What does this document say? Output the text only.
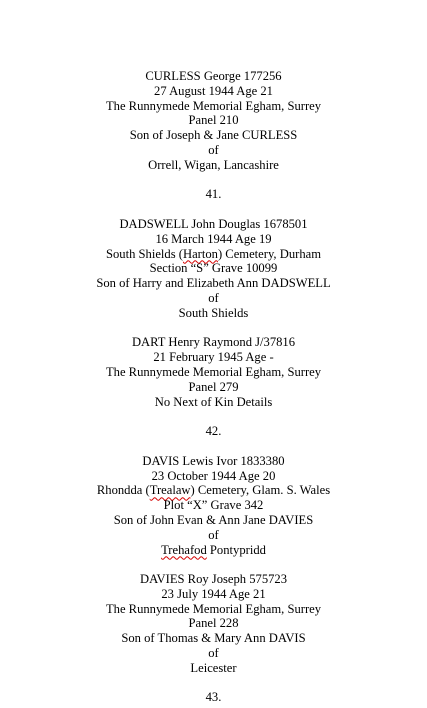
CURLESS George 177256
27 August 1944 Age 21
The Runnymede Memorial Egham, Surrey
Panel 210
Son of Joseph & Jane CURLESS
of
Orrell, Wigan, Lancashire
41.
DADSWELL John Douglas 1678501
16 March 1944 Age 19
South Shields (Harton) Cemetery, Durham
Section “S” Grave 10099
Son of Harry and Elizabeth Ann DADSWELL
of
South Shields
DART Henry Raymond J/37816
21 February 1945 Age -
The Runnymede Memorial Egham, Surrey
Panel 279
No Next of Kin Details
42.
DAVIS Lewis Ivor 1833380
23 October 1944 Age 20
Rhondda (Trealaw) Cemetery, Glam. S. Wales
Plot “X” Grave 342
Son of John Evan & Ann Jane DAVIES
of
Trehafod Pontypridd
DAVIES Roy Joseph 575723
23 July 1944 Age 21
The Runnymede Memorial Egham, Surrey
Panel 228
Son of Thomas & Mary Ann DAVIS
of
Leicester
43.
